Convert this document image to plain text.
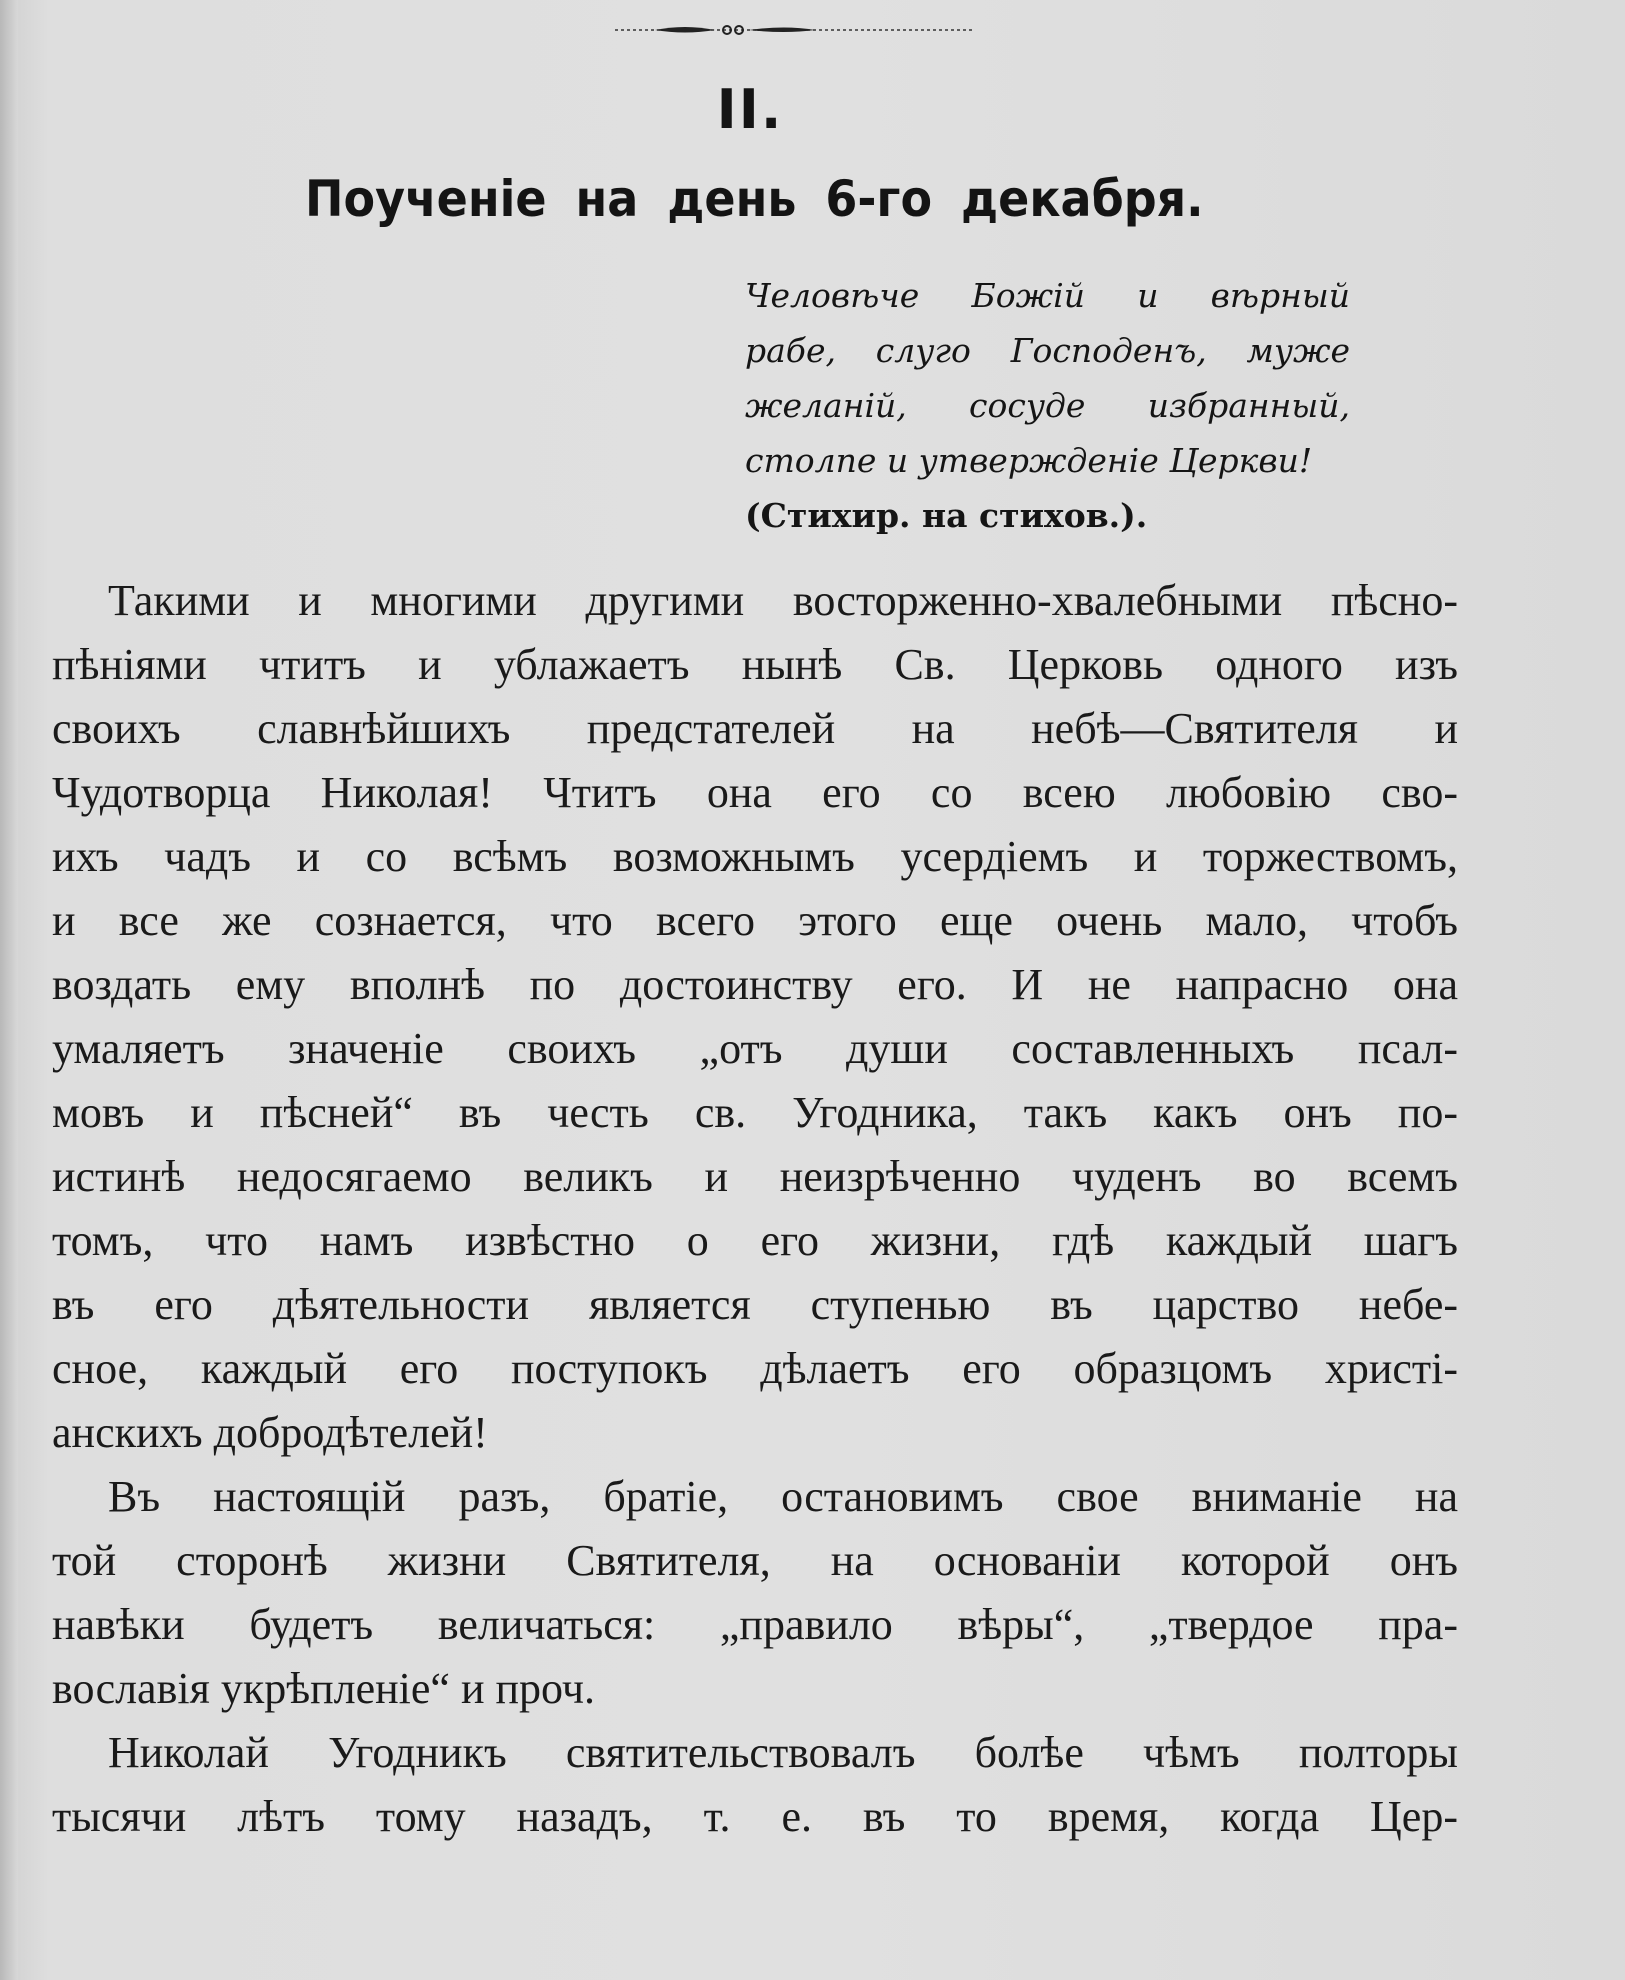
II.
Поученіе на день 6-го декабря.
Человѣче Божій и вѣрный
рабе, слуго Господенъ, муже
желаній, сосуде избранный,
столпе и утвержденіе Церкви!
(Стихир. на стихов.).
Такими и многими другими восторженно-хвалебными пѣсно-
пѣніями чтитъ и ублажаетъ нынѣ Св. Церковь одного изъ
своихъ славнѣйшихъ предстателей на небѣ—Святителя и
Чудотворца Николая! Чтитъ она его со всею любовію сво-
ихъ чадъ и со всѣмъ возможнымъ усердіемъ и торжествомъ,
и все же сознается, что всего этого еще очень мало, чтобъ
воздать ему вполнѣ по достоинству его. И не напрасно она
умаляетъ значеніе своихъ „отъ души составленныхъ псал-
мовъ и пѣсней“ въ честь св. Угодника, такъ какъ онъ по-
истинѣ недосягаемо великъ и неизрѣченно чуденъ во всемъ
томъ, что намъ извѣстно о его жизни, гдѣ каждый шагъ
въ его дѣятельности является ступенью въ царство небе-
сное, каждый его поступокъ дѣлаетъ его образцомъ христі-
анскихъ добродѣтелей!
Въ настоящій разъ, братіе, остановимъ свое вниманіе на
той сторонѣ жизни Святителя, на основаніи которой онъ
навѣки будетъ величаться: „правило вѣры“, „твердое пра-
вославія укрѣпленіе“ и проч.
Николай Угодникъ святительствовалъ болѣе чѣмъ полторы
тысячи лѣтъ тому назадъ, т. е. въ то время, когда Цер-
